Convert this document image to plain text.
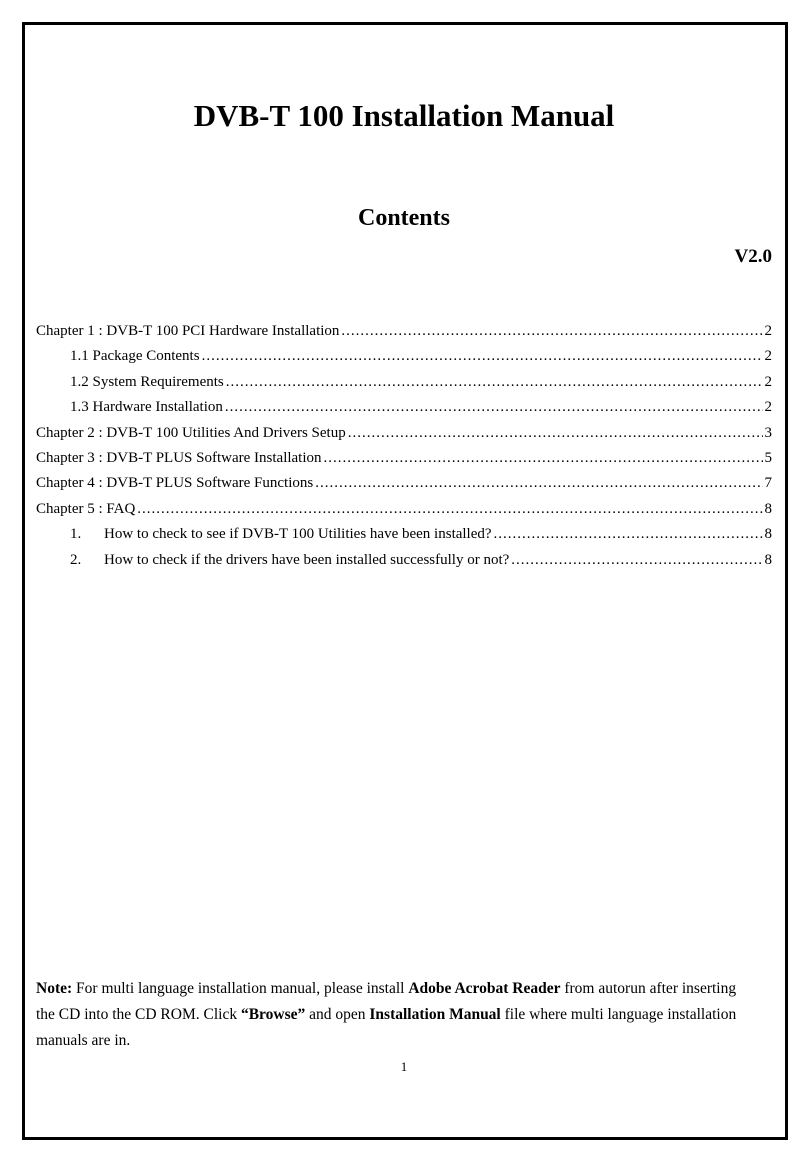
DVB-T 100 Installation Manual
Contents
V2.0
Chapter 1 : DVB-T 100 PCI Hardware Installation .....	2
1.1 Package Contents .....	2
1.2 System Requirements .....	2
1.3 Hardware Installation .....	2
Chapter 2 : DVB-T 100 Utilities And Drivers Setup .....	3
Chapter 3 : DVB-T PLUS Software Installation .....	5
Chapter 4 : DVB-T PLUS Software Functions .....	7
Chapter 5 : FAQ .....	8
1.	How to check to see if DVB-T 100 Utilities have been installed? .....	8
2.	How to check if the drivers have been installed successfully or not? .....	8

Note: For multi language installation manual, please install Adobe Acrobat Reader from autorun after inserting the CD into the CD ROM. Click “Browse” and open Installation Manual file where multi language installation manuals are in.

1
